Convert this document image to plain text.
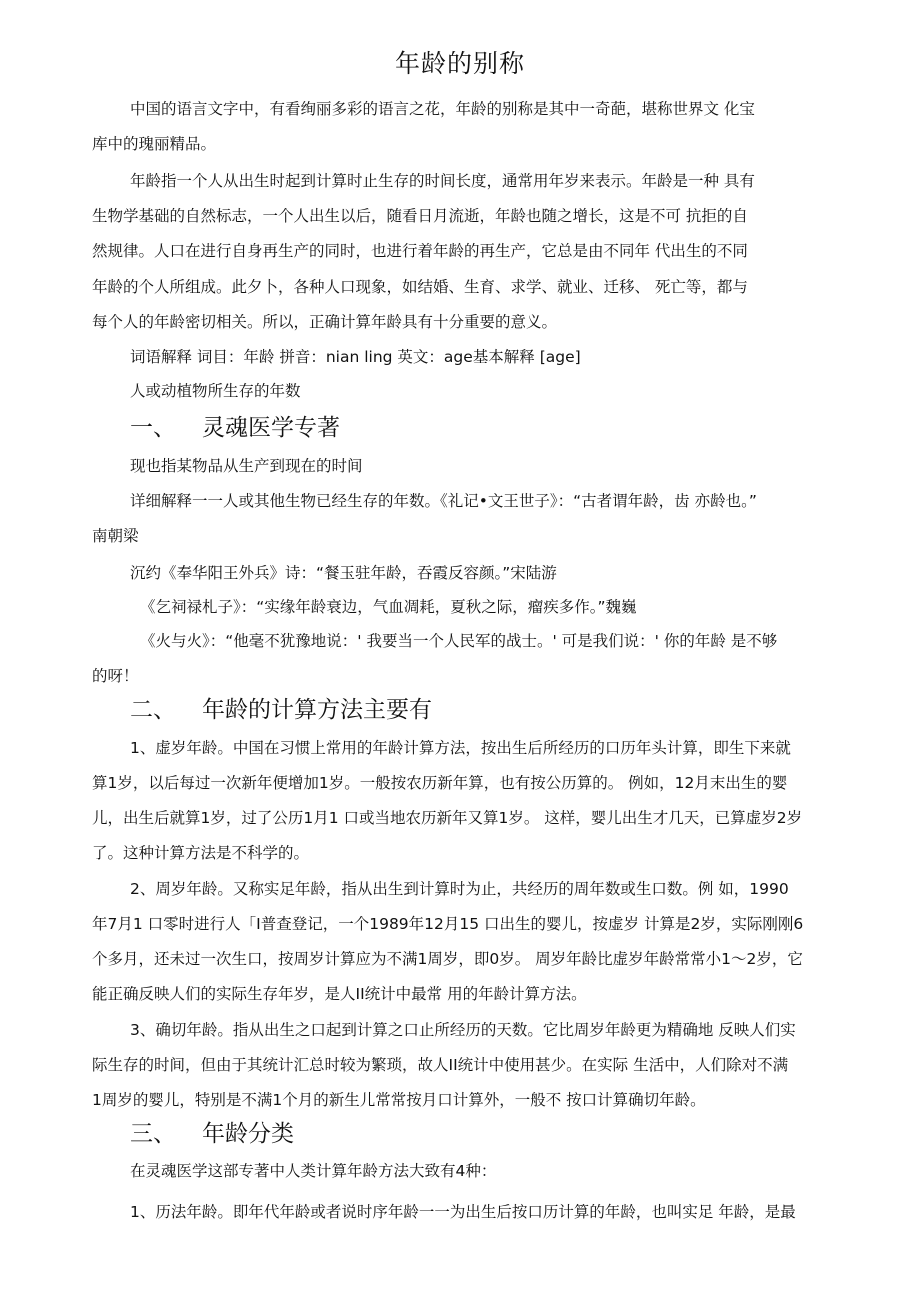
年龄的别称
中国的语言文字中，有看绚丽多彩的语言之花，年龄的别称是其中一奇葩，堪称世界文 化宝
库中的瑰丽精品。
年龄指一个人从出生时起到计算时止生存的时间长度，通常用年岁来表示。年龄是一种 具有
生物学基础的自然标志，一个人出生以后，随看日月流逝，年龄也随之增长，这是不可 抗拒的自
然规律。人口在进行自身再生产的同时，也进行着年龄的再生产，它总是由不同年 代出生的不同
年龄的个人所组成。此夕卜，各种人口现象，如结婚、生育、求学、就业、迁移、 死亡等，都与
每个人的年龄密切相关。所以，正确计算年龄具有十分重要的意义。
词语解释 词目：年龄 拼音：nian ling 英文：age基本解释 [age]
人或动植物所生存的年数
一、 灵魂医学专著
现也指某物品从生产到现在的时间
详细解释一一人或其他生物已经生存的年数。《礼记•文王世子》：“古者谓年龄，齿 亦龄也。”
南朝梁
沉约《奉华阳王外兵》诗：“餐玉驻年龄，吞霞反容颜。”宋陆游
《乞祠禄札子》：“实缘年龄衰边，气血凋耗，夏秋之际，瘤疾多作。”魏巍
《火与火》：“他毫不犹豫地说：' 我要当一个人民军的战士。' 可是我们说：' 你的年龄 是不够
的呀！
二、 年龄的计算方法主要有
1、虚岁年龄。中国在习惯上常用的年龄计算方法，按出生后所经历的口历年头计算，即生下来就
算1岁，以后每过一次新年便增加1岁。一般按农历新年算，也有按公历算的。 例如，12月末出生的婴
儿，出生后就算1岁，过了公历1月1 口或当地农历新年又算1岁。 这样，婴儿出生才几天，已算虚岁2岁
了。这种计算方法是不科学的。
2、周岁年龄。又称实足年龄，指从出生到计算时为止，共经历的周年数或生口数。例 如，1990
年7月1 口零时进行人「I普查登记，一个1989年12月15 口出生的婴儿，按虚岁 计算是2岁，实际刚刚6
个多月，还未过一次生口，按周岁计算应为不满1周岁，即0岁。 周岁年龄比虚岁年龄常常小1〜2岁，它
能正确反映人们的实际生存年岁，是人II统计中最常 用的年龄计算方法。
3、确切年龄。指从出生之口起到计算之口止所经历的天数。它比周岁年龄更为精确地 反映人们实
际生存的时间，但由于其统计汇总时较为繁琐，故人II统计中使用甚少。在实际 生活中，人们除对不满
1周岁的婴儿，特别是不满1个月的新生儿常常按月口计算外，一般不 按口计算确切年龄。
三、 年龄分类
在灵魂医学这部专著中人类计算年龄方法大致有4种：
1、历法年龄。即年代年龄或者说时序年龄一一为出生后按口历计算的年龄，也叫实足 年龄，是最
